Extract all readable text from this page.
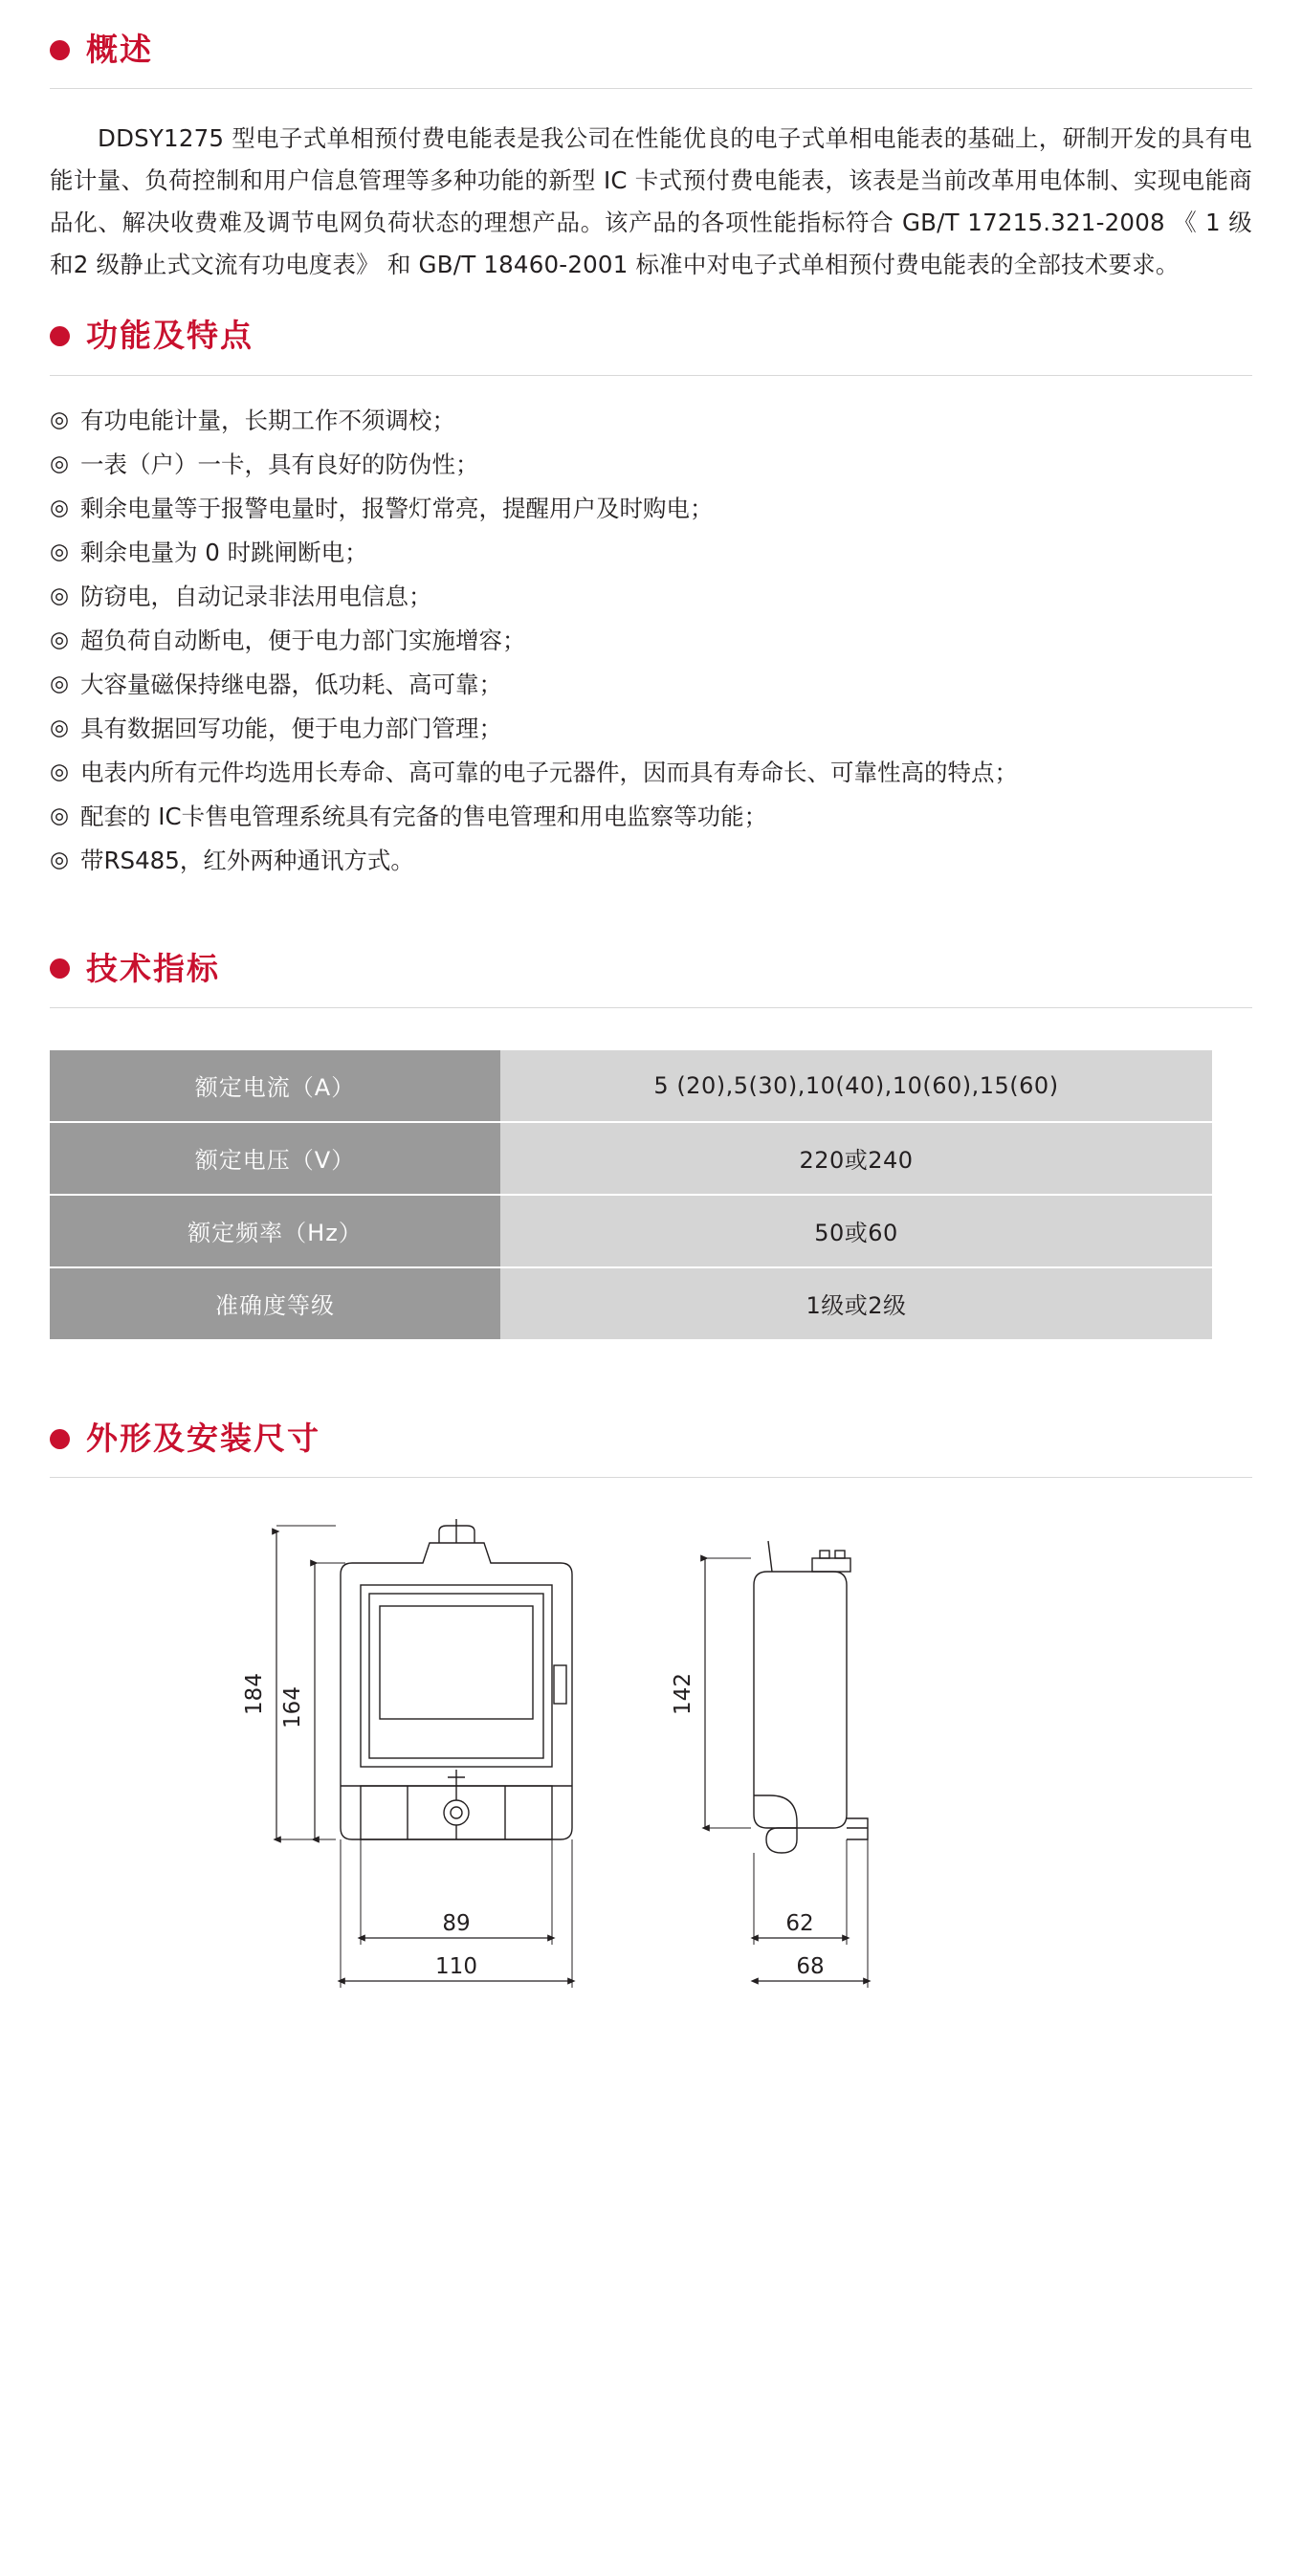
概述

DDSY1275 型电子式单相预付费电能表是我公司在性能优良的电子式单相电能表的基础上，研制开发的具有电能计量、负荷控制和用户信息管理等多种功能的新型 IC 卡式预付费电能表，该表是当前改革用电体制、实现电能商品化、解决收费难及调节电网负荷状态的理想产品。该产品的各项性能指标符合 GB/T 17215.321-2008 《 1 级和2 级静止式文流有功电度表》 和 GB/T 18460-2001 标准中对电子式单相预付费电能表的全部技术要求。

功能及特点
◎ 有功电能计量，长期工作不须调校；
◎ 一表（户）一卡，具有良好的防伪性；
◎ 剩余电量等于报警电量时，报警灯常亮，提醒用户及时购电；
◎ 剩余电量为 0 时跳闸断电；
◎ 防窃电，自动记录非法用电信息；
◎ 超负荷自动断电，便于电力部门实施增容；
◎ 大容量磁保持继电器，低功耗、高可靠；
◎ 具有数据回写功能，便于电力部门管理；
◎ 电表内所有元件均选用长寿命、高可靠的电子元器件，因而具有寿命长、可靠性高的特点；
◎ 配套的 IC卡售电管理系统具有完备的售电管理和用电监察等功能；
◎ 带RS485，红外两种通讯方式。
技术指标
额定电流（A）	5 (20),5(30),10(40),10(60),15(60)
额定电压（V）	220或240
额定频率（Hz）	50或60
准确度等级	1级或2级
外形及安装尺寸
184 164
89
110
142
62
68
